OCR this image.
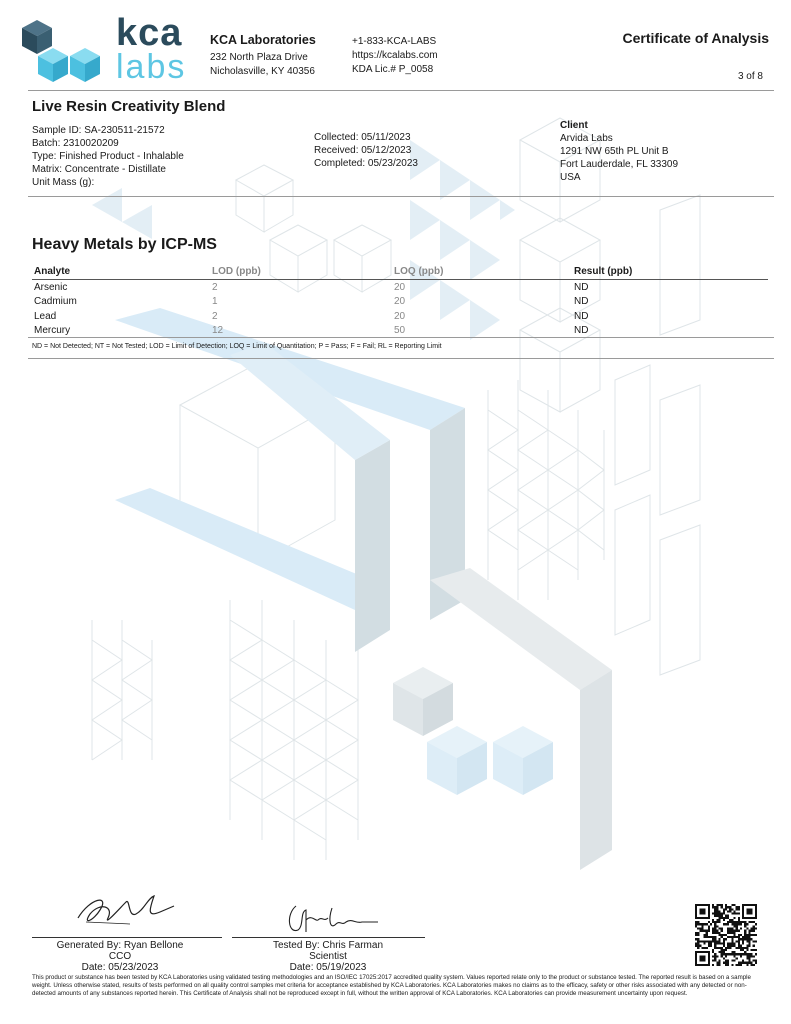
kca
labs
KCA Laboratories
232 North Plaza Drive
Nicholasville, KY 40356
+1-833-KCA-LABS
https://kcalabs.com
KDA Lic.# P_0058
Certificate of Analysis
3 of 8
Live Resin Creativity Blend
Sample ID: SA-230511-21572
Batch: 2310020209
Type: Finished Product - Inhalable
Matrix: Concentrate - Distillate
Unit Mass (g):
Collected: 05/11/2023
Received: 05/12/2023
Completed: 05/23/2023
Client
Arvida Labs
1291 NW 65th PL Unit B
Fort Lauderdale, FL 33309
USA
Heavy Metals by ICP-MS
Analyte	LOD (ppb)	LOQ (ppb)	Result (ppb)
Arsenic	2	20	ND
Cadmium	1	20	ND
Lead	2	20	ND
Mercury	12	50	ND
ND = Not Detected; NT = Not Tested; LOD = Limit of Detection; LOQ = Limit of Quantitation; P = Pass; F = Fail; RL = Reporting Limit
Generated By: Ryan Bellone
CCO
Date: 05/23/2023
Tested By: Chris Farman
Scientist
Date: 05/19/2023
This product or substance has been tested by KCA Laboratories using validated testing methodologies and an ISO/IEC 17025:2017 accredited quality system. Values reported relate only to the product or substance tested. The reported result is based on a sample weight. Unless otherwise stated, results of tests performed on all quality control samples met criteria for acceptance established by KCA Laboratories. KCA Laboratories makes no claims as to the efficacy, safety or other risks associated with any detected or non-detected amounts of any substances reported herein. This Certificate of Analysis shall not be reproduced except in full, without the written approval of KCA Laboratories. KCA Laboratories can provide measurement uncertainty upon request.
